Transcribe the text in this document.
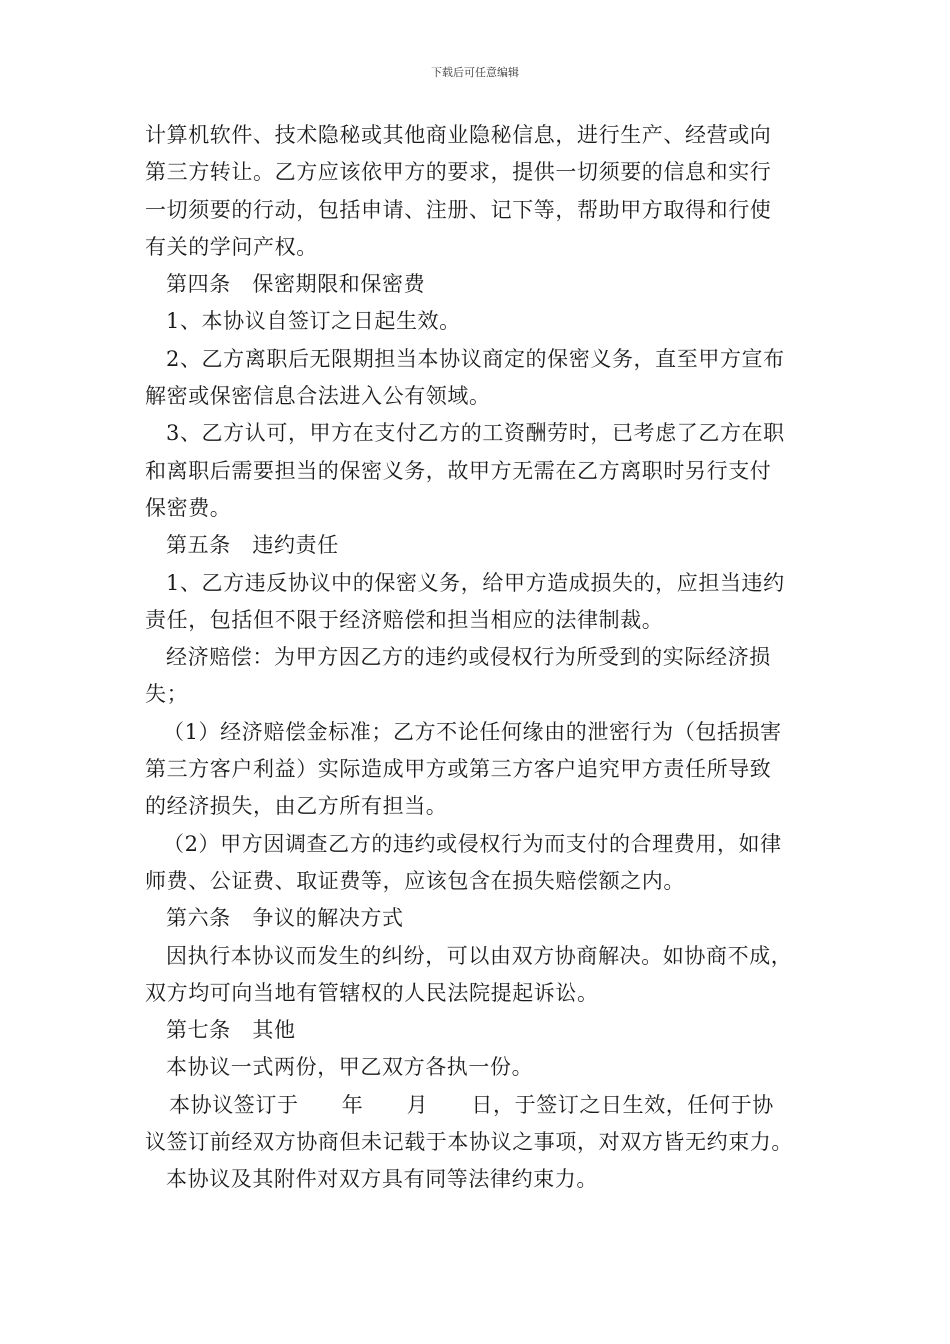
下载后可任意编辑
计算机软件、技术隐秘或其他商业隐秘信息，进行生产、经营或向
第三方转让。乙方应该依甲方的要求，提供一切须要的信息和实行
一切须要的行动，包括申请、注册、记下等，帮助甲方取得和行使
有关的学问产权。
第四条　保密期限和保密费
1、本协议自签订之日起生效。
2、乙方离职后无限期担当本协议商定的保密义务，直至甲方宣布
解密或保密信息合法进入公有领域。
3、乙方认可，甲方在支付乙方的工资酬劳时，已考虑了乙方在职
和离职后需要担当的保密义务，故甲方无需在乙方离职时另行支付
保密费。
第五条　违约责任
1、乙方违反协议中的保密义务，给甲方造成损失的，应担当违约
责任，包括但不限于经济赔偿和担当相应的法律制裁。
经济赔偿：为甲方因乙方的违约或侵权行为所受到的实际经济损
失；
（1）经济赔偿金标准；乙方不论任何缘由的泄密行为（包括损害
第三方客户利益）实际造成甲方或第三方客户追究甲方责任所导致
的经济损失，由乙方所有担当。
（2）甲方因调查乙方的违约或侵权行为而支付的合理费用，如律
师费、公证费、取证费等，应该包含在损失赔偿额之内。
第六条　争议的解决方式
因执行本协议而发生的纠纷，可以由双方协商解决。如协商不成，
双方均可向当地有管辖权的人民法院提起诉讼。
第七条　其他
本协议一式两份，甲乙双方各执一份。
本协议签订于　　年　　月　　日，于签订之日生效，任何于协
议签订前经双方协商但未记载于本协议之事项，对双方皆无约束力。
本协议及其附件对双方具有同等法律约束力。
